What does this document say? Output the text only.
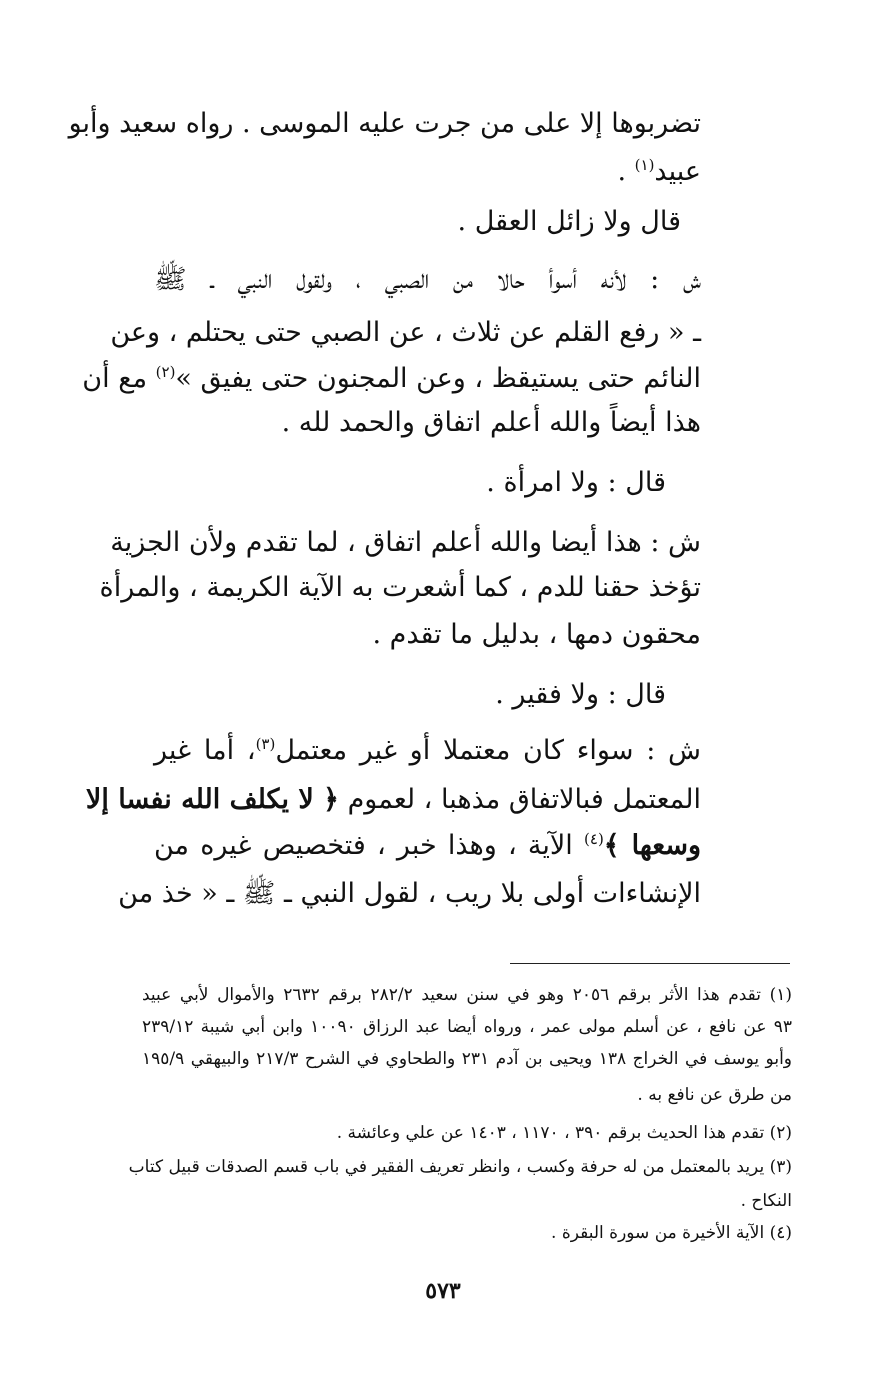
تضربوها إلا على من جرت عليه الموسى . رواه سعيد وأبو
عبيد$^{(١)}$ .
قال ولا زائل العقل .
ش : لأنه أسوأ حالا من الصبي ، ولقول النبي ـ ﷺ
ـ « رفع القلم عن ثلاث ، عن الصبي حتى يحتلم ، وعن
النائم حتى يستيقظ ، وعن المجنون حتى يفيق »$^{(٢)}$ مع أن
هذا أيضاً والله أعلم اتفاق والحمد لله .
قال : ولا امرأة .
ش : هذا أيضا والله أعلم اتفاق ، لما تقدم ولأن الجزية
تؤخذ حقنا للدم ، كما أشعرت به الآية الكريمة ، والمرأة
محقون دمها ، بدليل ما تقدم .
قال : ولا فقير .
ش : سواء كان معتملا أو غير معتمل$^{(٣)}$، أما غير
المعتمل فبالاتفاق مذهبا ، لعموم ﴿ لا يكلف الله نفسا إلا
وسعها ﴾$^{(٤)}$ الآية ، وهذا خبر ، فتخصيص غيره من
الإنشاءات أولى بلا ريب ، لقول النبي ـ ﷺ ـ « خذ من
(١) تقدم هذا الأثر برقم ٢٠٥٦ وهو في سنن سعيد ٢٨٢/٢ برقم ٢٦٣٢ والأموال لأبي عبيد
٩٣ عن نافع ، عن أسلم مولى عمر ، ورواه أيضا عبد الرزاق ١٠٠٩٠ وابن أبي شيبة ٢٣٩/١٢
وأبو يوسف في الخراج ١٣٨ ويحيى بن آدم ٢٣١ والطحاوي في الشرح ٢١٧/٣ والبيهقي ١٩٥/٩
من طرق عن نافع به .
(٢) تقدم هذا الحديث برقم ٣٩٠ ، ١١٧٠ ، ١٤٠٣ عن علي وعائشة .
(٣) يريد بالمعتمل من له حرفة وكسب ، وانظر تعريف الفقير في باب قسم الصدقات قبيل كتاب
النكاح .
(٤) الآية الأخيرة من سورة البقرة .
٥٧٣
